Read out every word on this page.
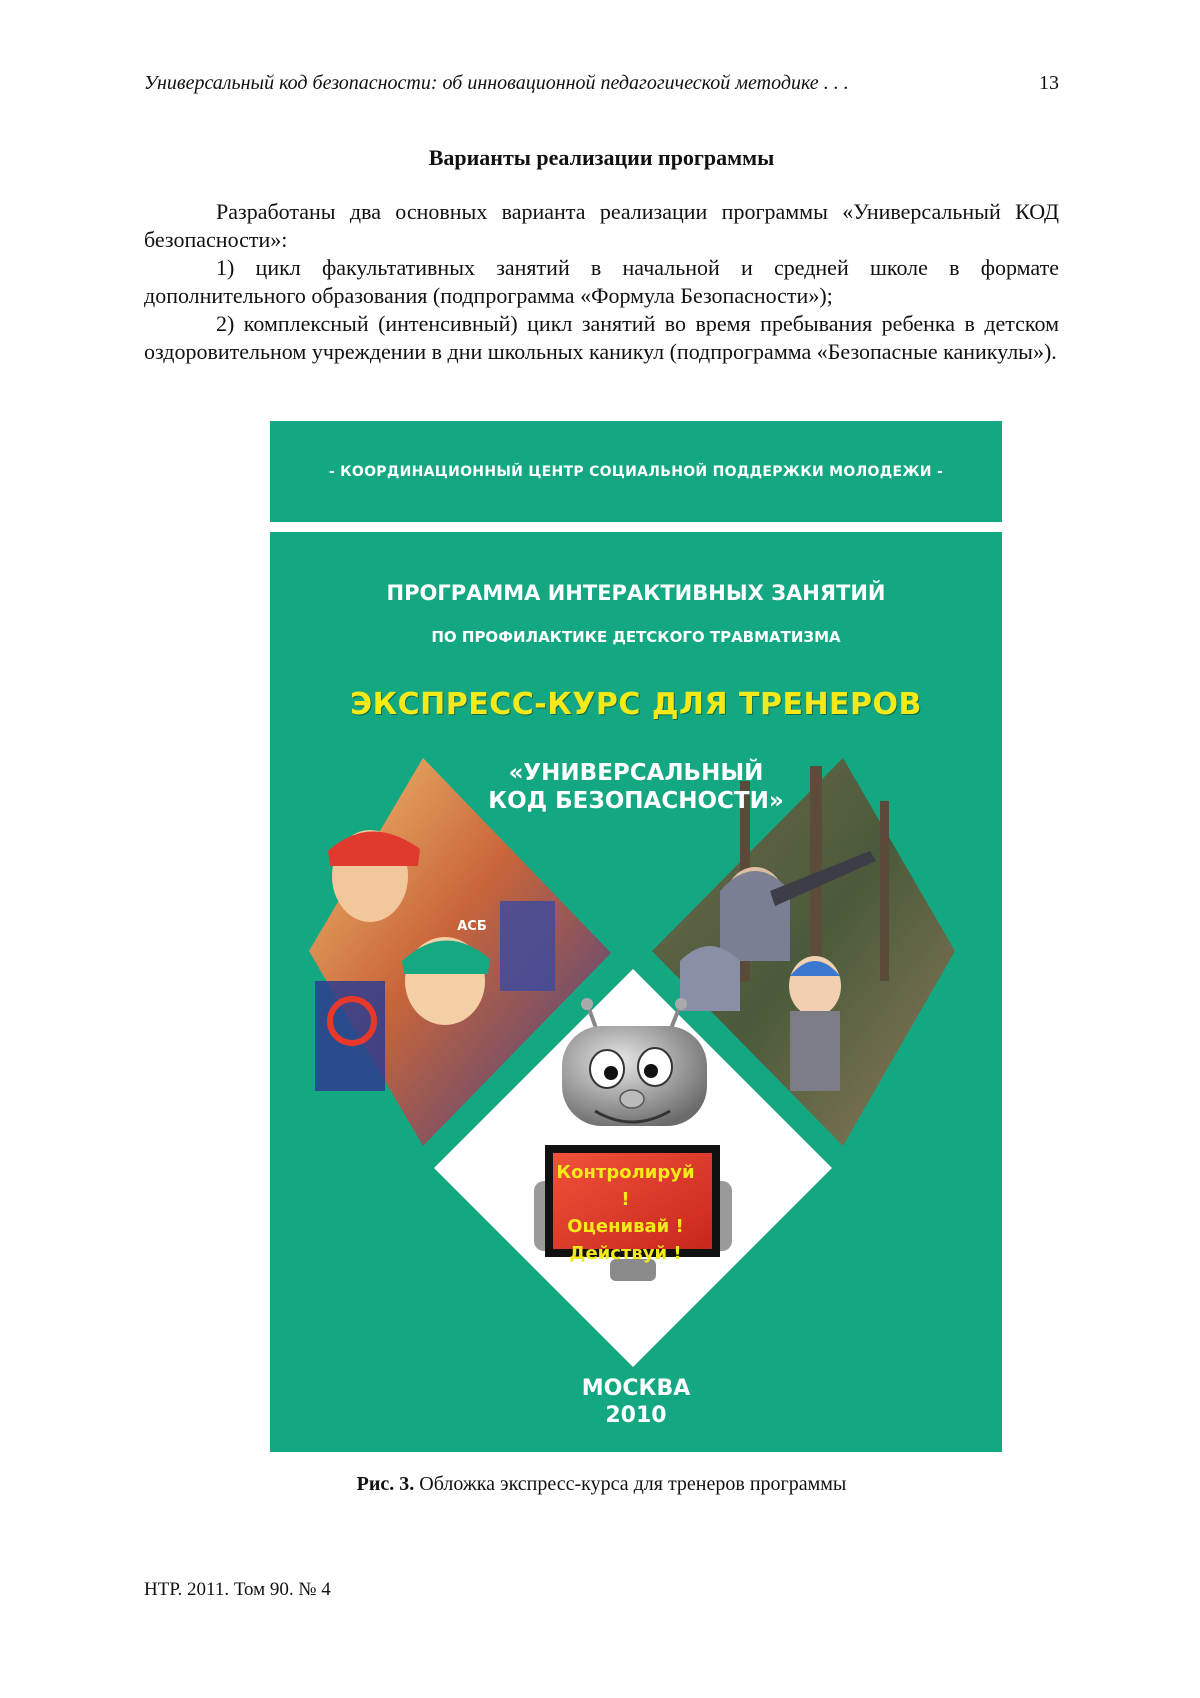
Универсальный код безопасности: об инновационной педагогической методике . . .	13
Варианты реализации программы

Разработаны два основных варианта реализации программы «Универсальный КОД безопасности»:

1) цикл факультативных занятий в начальной и средней школе в формате дополнительного образования (подпрограмма «Формула Безопасности»);

2) комплексный (интенсивный) цикл занятий во время пребывания ребенка в детском оздоровительном учреждении в дни школьных каникул (подпрограмма «Безопасные каникулы»).

- КООРДИНАЦИОННЫЙ ЦЕНТР СОЦИАЛЬНОЙ ПОДДЕРЖКИ МОЛОДЕЖИ -
ПРОГРАММА ИНТЕРАКТИВНЫХ ЗАНЯТИЙ
ПО ПРОФИЛАКТИКЕ ДЕТСКОГО ТРАВМАТИЗМА
ЭКСПРЕСС-КУРС ДЛЯ ТРЕНЕРОВ
«УНИВЕРСАЛЬНЫЙ
КОД БЕЗОПАСНОСТИ»
АСБ
Контролируй !
Оценивай !
Действуй !
МОСКВА
2010
Рис. 3. Обложка экспресс-курса для тренеров программы
НТР. 2011. Том 90. № 4
